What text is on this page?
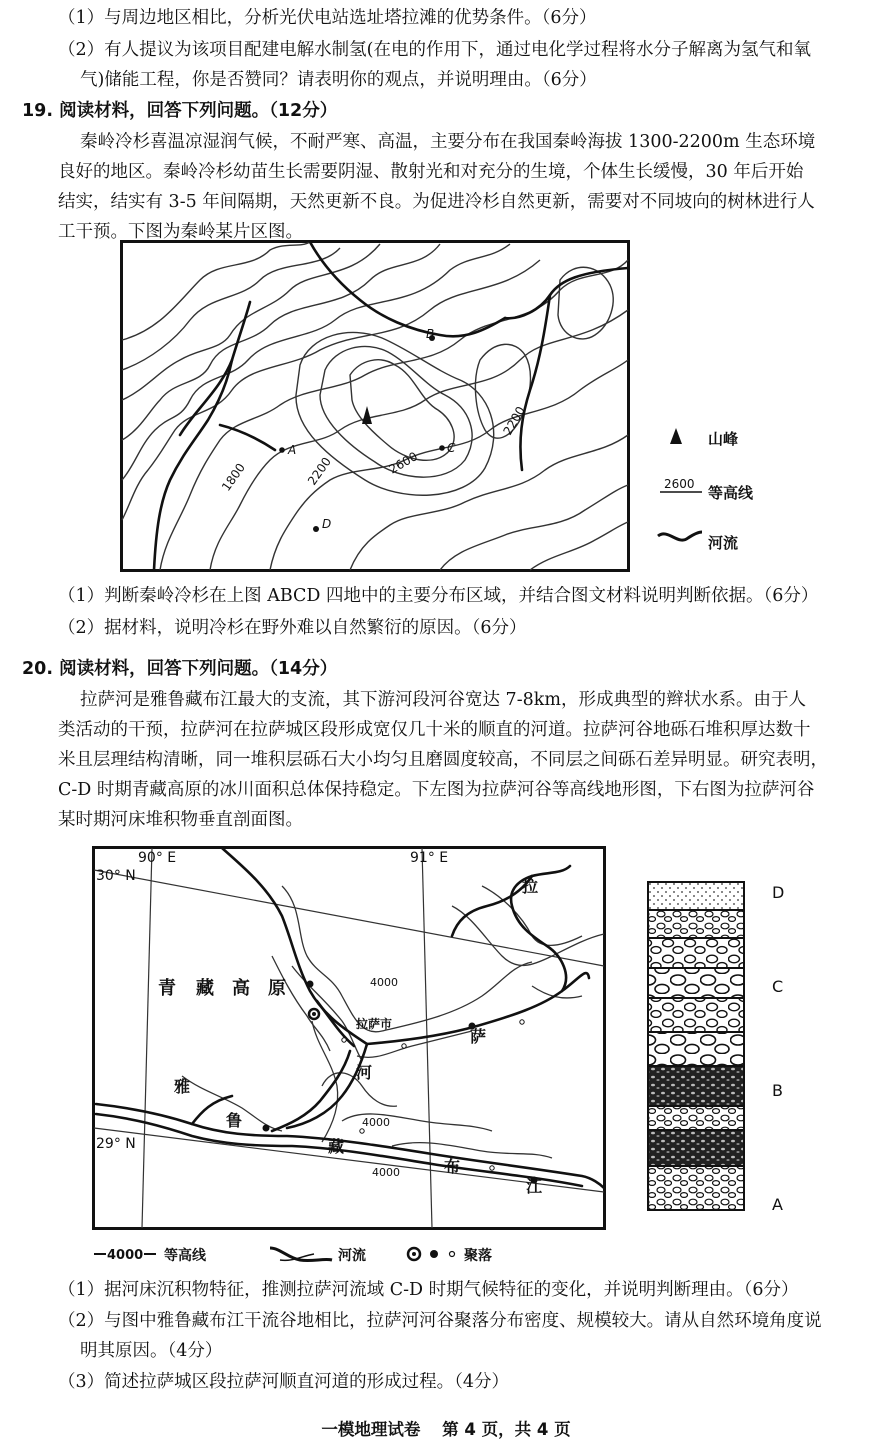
（1）与周边地区相比，分析光伏电站选址塔拉滩的优势条件。（6分）
（2）有人提议为该项目配建电解水制氢(在电的作用下，通过电化学过程将水分子解离为氢气和氧
气)储能工程，你是否赞同？请表明你的观点，并说明理由。（6分）
19. 阅读材料，回答下列问题。（12分）
秦岭冷杉喜温凉湿润气候，不耐严寒、高温，主要分布在我国秦岭海拔 1300-2200m 生态环境
良好的地区。秦岭冷杉幼苗生长需要阴湿、散射光和对充分的生境，个体生长缓慢，30 年后开始
结实，结实有 3-5 年间隔期，天然更新不良。为促进冷杉自然更新，需要对不同坡向的树林进行人
工干预。下图为秦岭某片区图。
A
B
C
D
1800	2200	2600
2200
山峰
2600 等高线
河流
（1）判断秦岭冷杉在上图 ABCD 四地中的主要分布区域，并结合图文材料说明判断依据。（6分）
（2）据材料，说明冷杉在野外难以自然繁衍的原因。（6分）
20. 阅读材料，回答下列问题。（14分）
拉萨河是雅鲁藏布江最大的支流，其下游河段河谷宽达 7-8km，形成典型的辫状水系。由于人
类活动的干预，拉萨河在拉萨城区段形成宽仅几十米的顺直的河道。拉萨河谷地砾石堆积厚达数十
米且层理结构清晰，同一堆积层砾石大小均匀且磨圆度较高，不同层之间砾石差异明显。研究表明，
C-D 时期青藏高原的冰川面积总体保持稳定。下左图为拉萨河谷等高线地形图，下右图为拉萨河谷
某时期河床堆积物垂直剖面图。
90° E	91° E
30° N
29° N
青 藏 高 原
拉萨市
拉
萨
河
雅
鲁
藏
布
江
4000
4000
4000
4000 等高线	河流	聚落
D
C
B
A
（1）据河床沉积物特征，推测拉萨河流域 C-D 时期气候特征的变化，并说明判断理由。（6分）
（2）与图中雅鲁藏布江干流谷地相比，拉萨河河谷聚落分布密度、规模较大。请从自然环境角度说
明其原因。（4分）
（3）简述拉萨城区段拉萨河顺直河道的形成过程。（4分）
一模地理试卷 第 4 页，共 4 页
